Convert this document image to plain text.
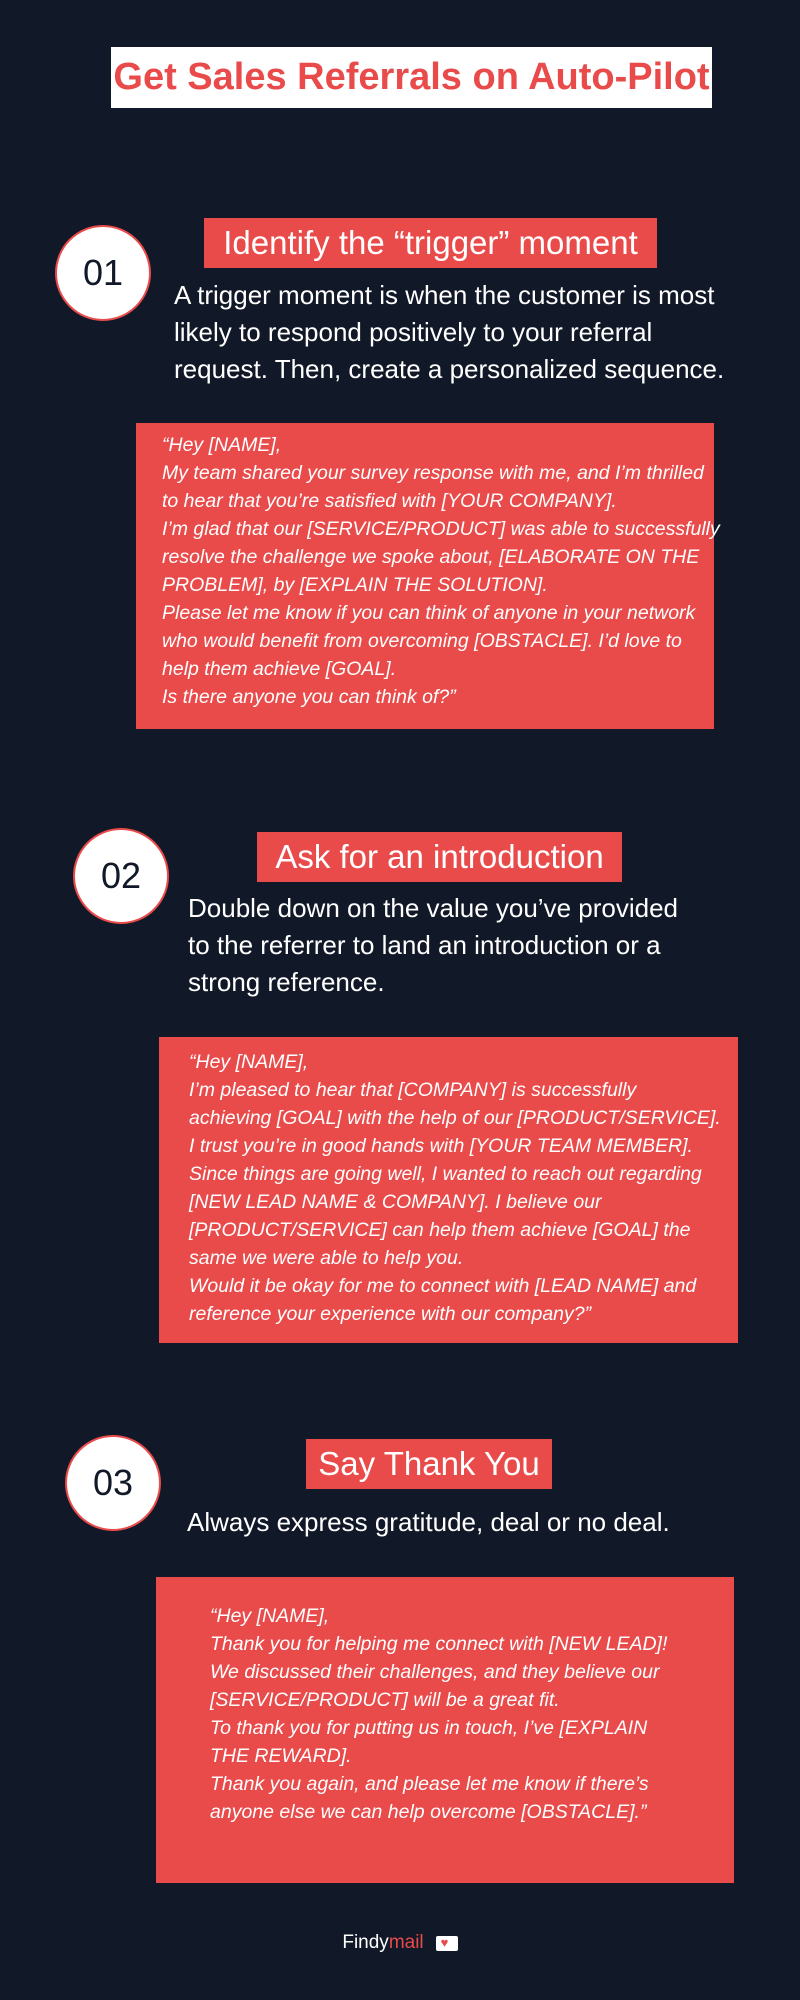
Get Sales Referrals on Auto-Pilot
01
Identify the “trigger” moment
A trigger moment is when the customer is most
likely to respond positively to your referral
request. Then, create a personalized sequence.
“Hey [NAME],
My team shared your survey response with me, and I’m thrilled
to hear that you’re satisfied with [YOUR COMPANY].
I’m glad that our [SERVICE/PRODUCT] was able to successfully
resolve the challenge we spoke about, [ELABORATE ON THE
PROBLEM], by [EXPLAIN THE SOLUTION].
Please let me know if you can think of anyone in your network
who would benefit from overcoming [OBSTACLE]. I’d love to
help them achieve [GOAL].
Is there anyone you can think of?”
02	Ask for an introduction
Double down on the value you’ve provided
to the referrer to land an introduction or a
strong reference.
“Hey [NAME],
I’m pleased to hear that [COMPANY] is successfully
achieving [GOAL] with the help of our [PRODUCT/SERVICE].
I trust you’re in good hands with [YOUR TEAM MEMBER].
Since things are going well, I wanted to reach out regarding
[NEW LEAD NAME & COMPANY]. I believe our
[PRODUCT/SERVICE] can help them achieve [GOAL] the
same we were able to help you.
Would it be okay for me to connect with [LEAD NAME] and
reference your experience with our company?”
03	Say Thank You
Always express gratitude, deal or no deal.
“Hey [NAME],
Thank you for helping me connect with [NEW LEAD]!
We discussed their challenges, and they believe our
[SERVICE/PRODUCT] will be a great fit.
To thank you for putting us in touch, I’ve [EXPLAIN
THE REWARD].
Thank you again, and please let me know if there’s
anyone else we can help overcome [OBSTACLE].”
Findymail
♥
